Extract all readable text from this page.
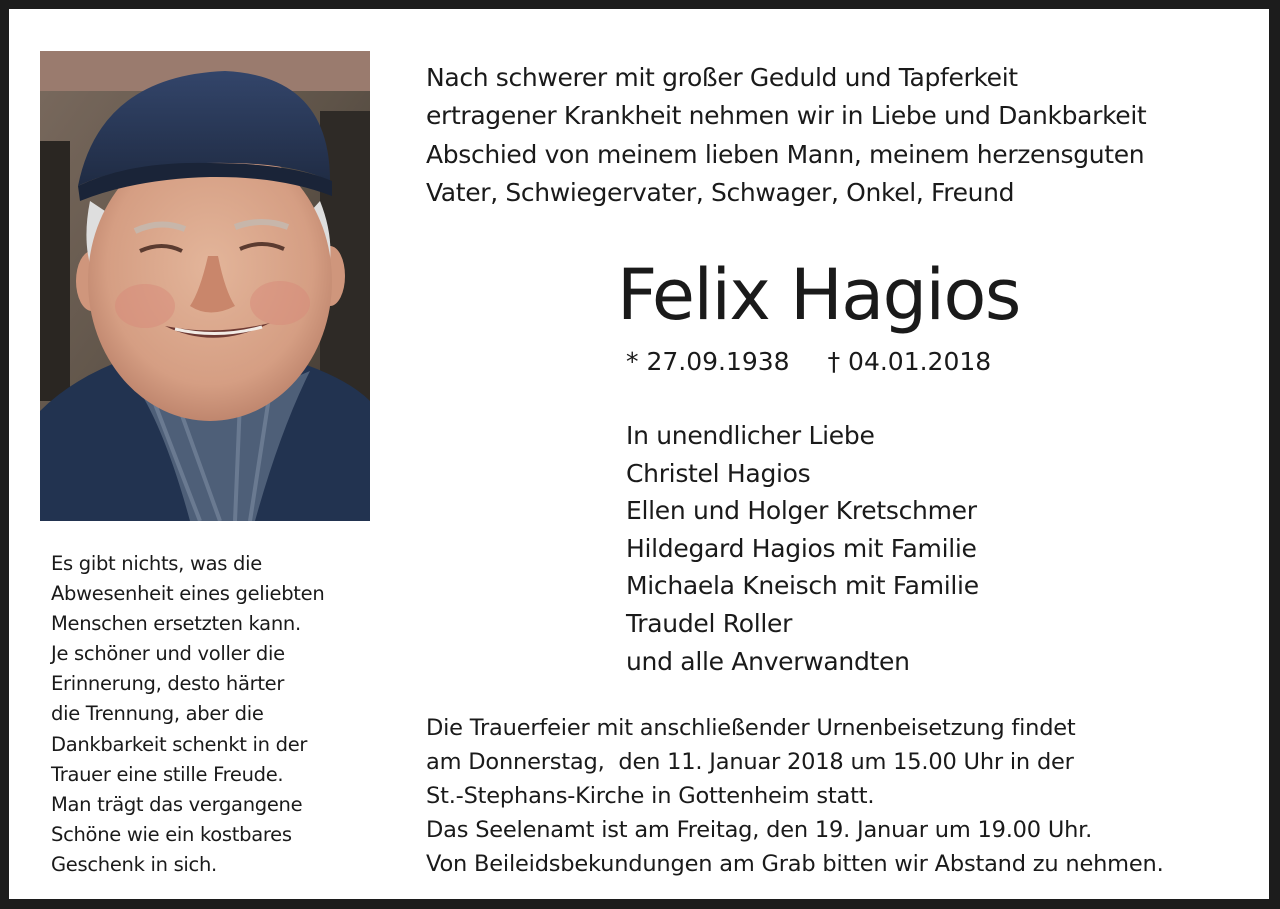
Es gibt nichts, was die
Abwesenheit eines geliebten
Menschen ersetzten kann.
Je schöner und voller die
Erinnerung, desto härter
die Trennung, aber die
Dankbarkeit schenkt in der
Trauer eine stille Freude.
Man trägt das vergangene
Schöne wie ein kostbares
Geschenk in sich.
Nach schwerer mit großer Geduld und Tapferkeit
ertragener Krankheit nehmen wir in Liebe und Dankbarkeit
Abschied von meinem lieben Mann, meinem herzensguten
Vater, Schwiegervater, Schwager, Onkel, Freund
Felix Hagios
* 27.09.1938 † 04.01.2018
In unendlicher Liebe
Christel Hagios
Ellen und Holger Kretschmer
Hildegard Hagios mit Familie
Michaela Kneisch mit Familie
Traudel Roller
und alle Anverwandten
Die Trauerfeier mit anschließender Urnenbeisetzung findet
am Donnerstag,  den 11. Januar 2018 um 15.00 Uhr in der
St.-Stephans-Kirche in Gottenheim statt.
Das Seelenamt ist am Freitag, den 19. Januar um 19.00 Uhr.
Von Beileidsbekundungen am Grab bitten wir Abstand zu nehmen.
